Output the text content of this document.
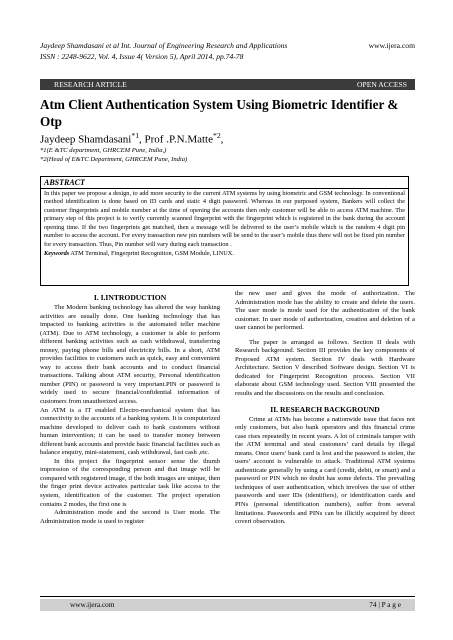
Jaydeep Shamdasani et al Int. Journal of Engineering Research and Applications
ISSN : 2248-9622, Vol. 4, Issue 4( Version 5), April 2014, pp.74-78
www.ijera.com
RESEARCH ARTICLE	OPEN ACCESS
Atm Client Authentication System Using Biometric Identifier & Otp
Jaydeep Shamdasani$^{*1}$, Prof .P.N.Matte$^{*2}$,
*1(E &TC department, GHRCEM Pune, India,)
*2(Head of E&TC Department, GHRCEM Pune, India)
ABSTRACT
In this paper we propose a design, to add more security to the current ATM systems by using biometric and GSM technology. In conventional method identification is done based on ID cards and static 4 digit password. Whereas in our purposed system, Bankers will collect the customer fingerprints and mobile number at the time of opening the accounts then only customer will be able to access ATM machine. The primary step of this project is to verify currently scanned fingerprint with the fingerprint which is registered in the bank during the account opening time. If the two fingerprints get matched, then a message will be delivered to the user’s mobile which is the random 4 digit pin number to access the account. For every transaction new pin numbers will be send to the user’s mobile thus there will not be fixed pin number for every transaction. Thus, Pin number will vary during each transaction .
Keywords ATM Terminal, Fingerprint Recognition, GSM Module, LINUX.
I. I.INTRODUCTION

The Modern banking technology has altered the way banking activities are usually done. One banking technology that has impacted to banking activities is the automated teller machine (ATM). Due to ATM technology, a customer is able to perform different banking activities such as cash withdrawal, transferring money, paying phone bills and electricity bills. In a short, ATM provides facilities to customers such as quick, easy and convenient way to access their bank accounts and to conduct financial transactions. Talking about ATM security, Personal identification number (PIN) or password is very important.PIN or password is widely used to secure financial/confidential information of customers from unauthorized access.

An ATM is a IT enabled Electro-mechanical system that has connectivity to the accounts of a banking system. It is computerized machine developed to deliver cash to bank customers without human intervention; it can be used to transfer money between different bank accounts and provide basic financial facilities such as balance enquiry, mini-statement, cash withdrawal, fast cash ,etc.

In this project the fingerprint sensor sense the thumb impression of the corresponding person and that image will be compared with registered image, if the both images are unique, then the finger print device activates particular task like access to the system, identification of the customer. The project operation contains 2 modes, the first one is

Administration mode and the second is User mode. The Administration mode is used to register

the new user and gives the mode of authorization. The Administration mode has the ability to create and delete the users. The user mode is mode used for the authentication of the bank customer. In user mode of authorization, creation and deletion of a user cannot be performed.

The paper is arranged as follows. Section II deals with Research background. Section III provides the key components of Proposed ATM system. Section IV deals with Hardware Architecture. Section V described Software design. Section VI is dedicated for Fingerprint Recognition process. Section VII elaborate about GSM technology used. Section VIII presented the results and the discussions on the results and conclusion.

II. RESEARCH BACKGROUND

Crime at ATMs has become a nationwide issue that faces not only customers, but also bank operators and this financial crime case rises repeatedly in recent years. A lot of criminals tamper with the ATM terminal and steal customers’ card details by illegal means. Once users’ bank card is lost and the password is stolen, the users’ account is vulnerable to attack. Traditional ATM systems authenticate generally by using a card (credit, debit, or smart) and a password or PIN which no doubt has some defects. The prevailing techniques of user authentication, which involves the use of either passwords and user IDs (identifiers), or identification cards and PINs (personal identification numbers), suffer from several limitations. Passwords and PINs can be illicitly acquired by direct covert observation.

www.ijera.com	74 | P a g e
